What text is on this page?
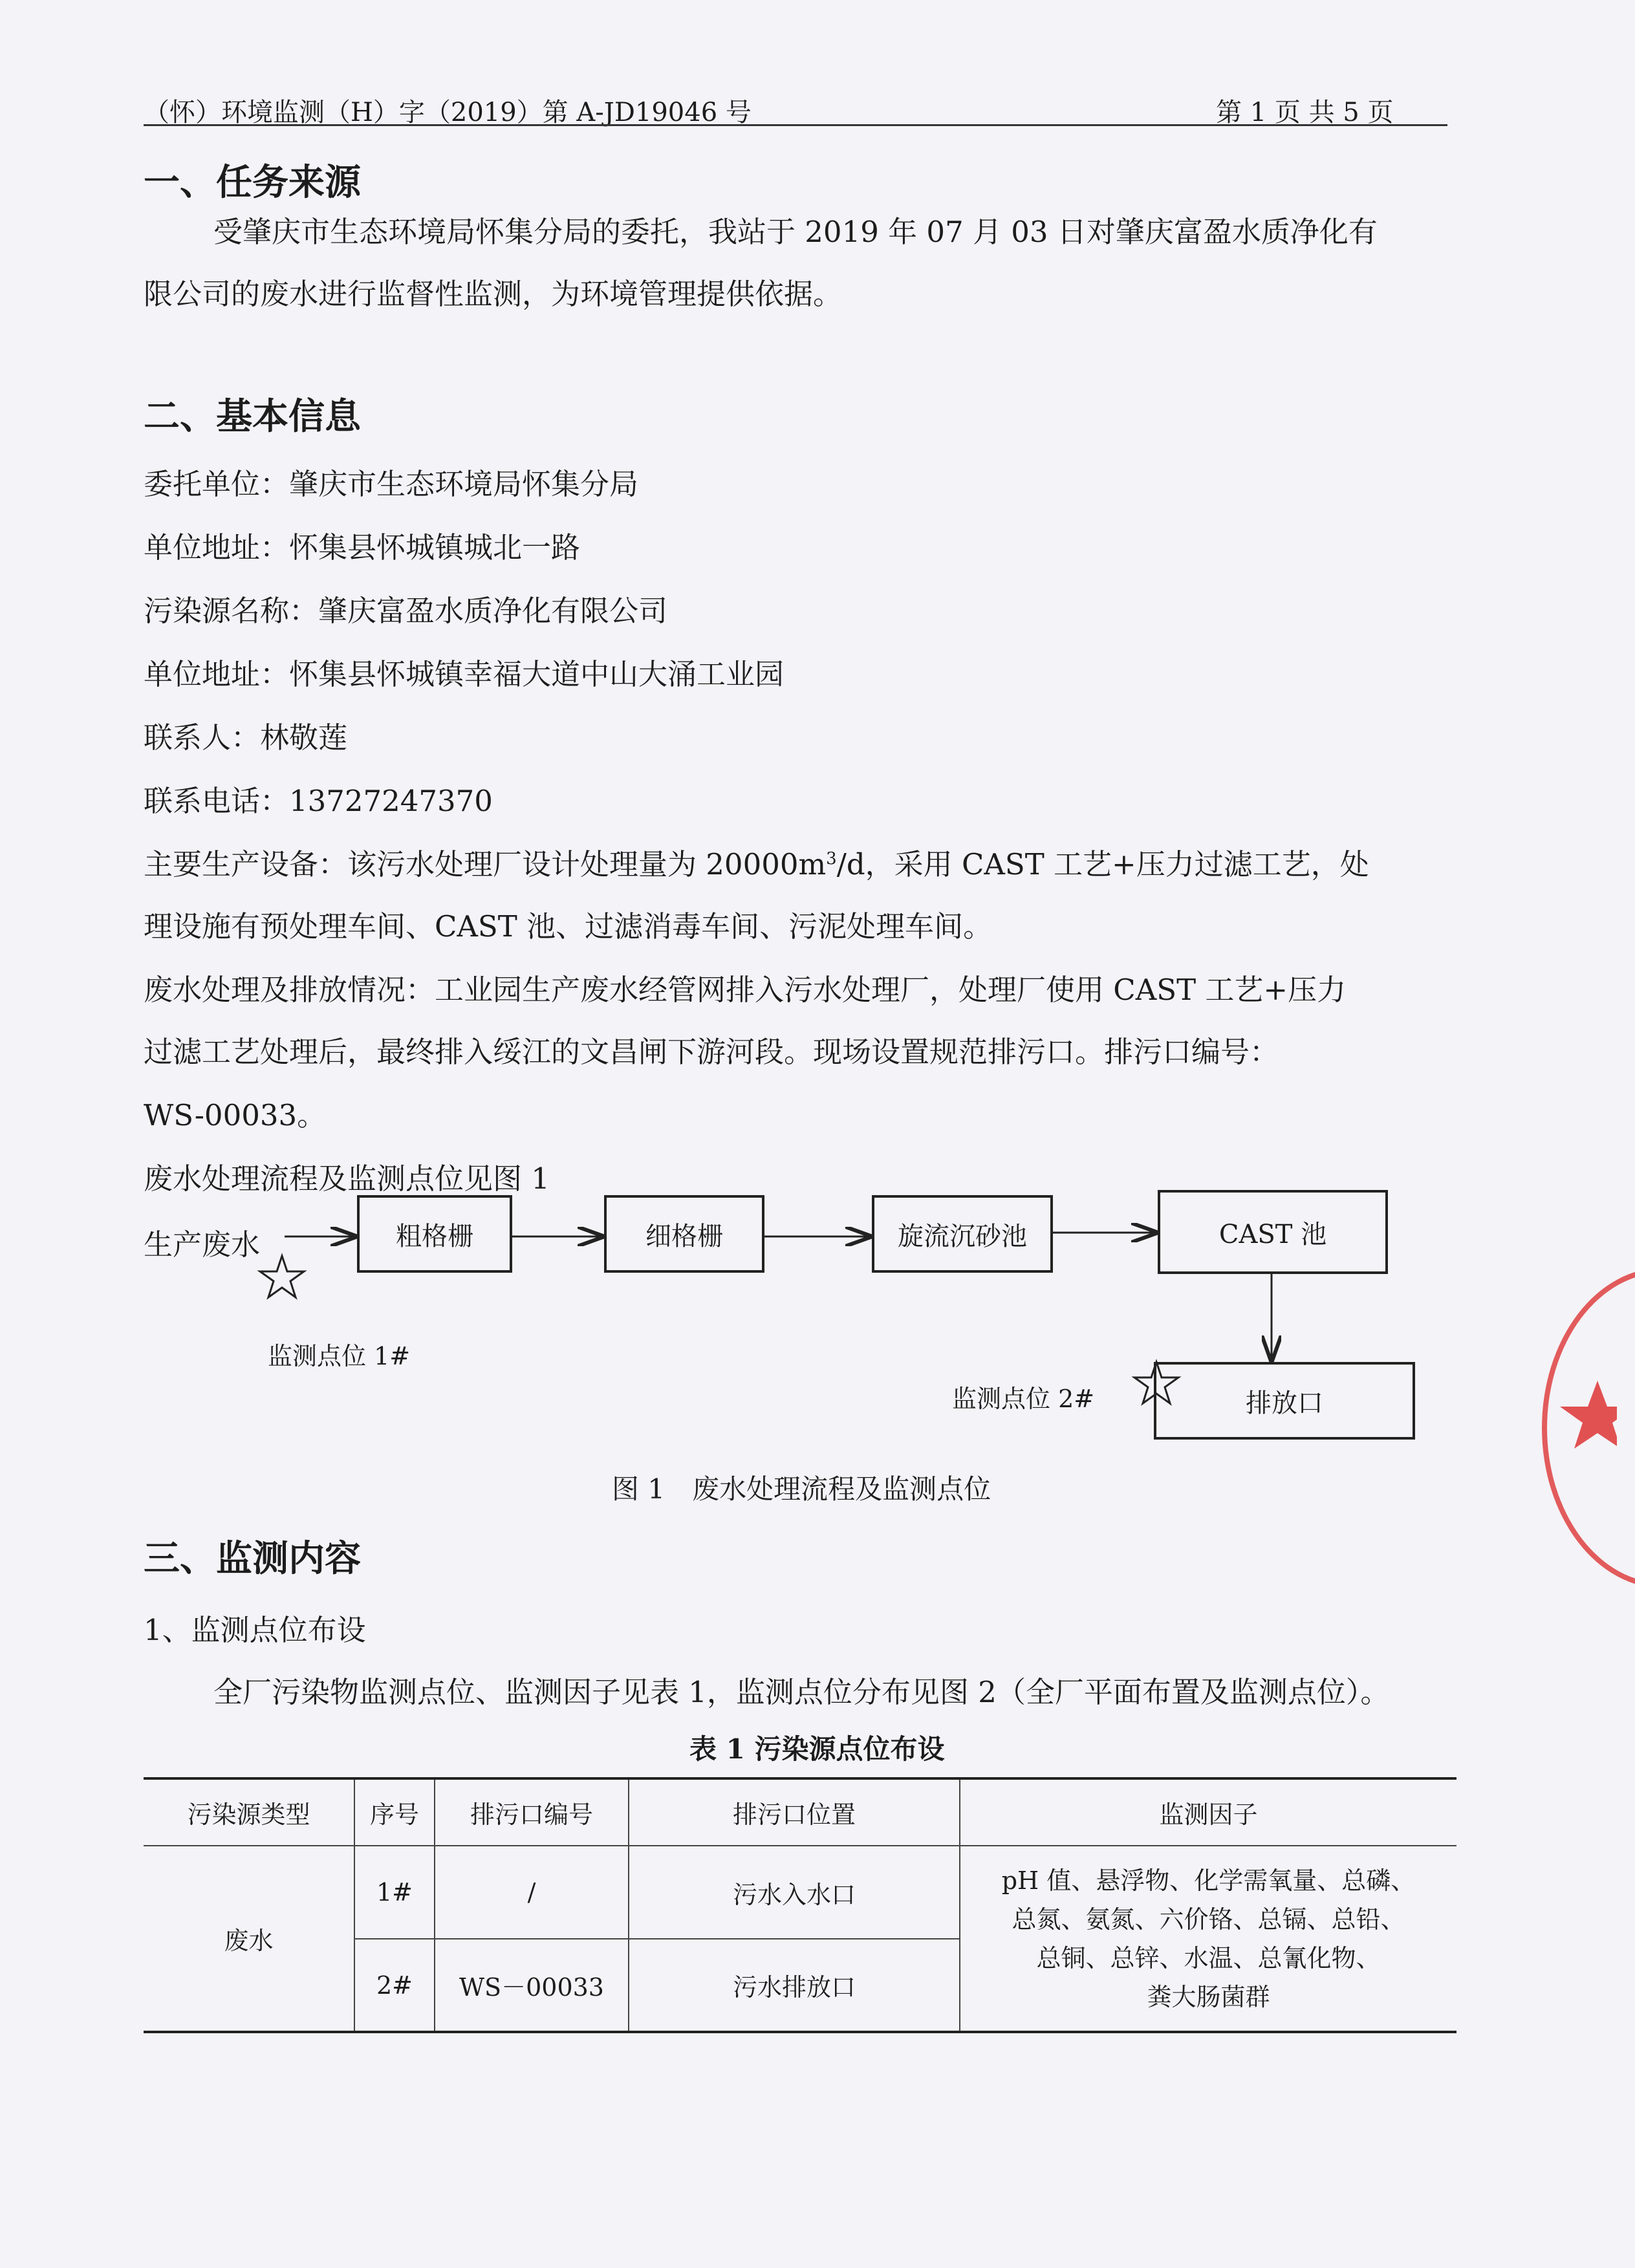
（怀）环境监测（H）字（2019）第 A-JD19046 号	第 1 页 共 5 页
一、任务来源
受肇庆市生态环境局怀集分局的委托，我站于 2019 年 07 月 03 日对肇庆富盈水质净化有
限公司的废水进行监督性监测，为环境管理提供依据。
二、基本信息
委托单位：肇庆市生态环境局怀集分局
单位地址：怀集县怀城镇城北一路
污染源名称：肇庆富盈水质净化有限公司
单位地址：怀集县怀城镇幸福大道中山大涌工业园
联系人：林敬莲
联系电话：13727247370
主要生产设备：该污水处理厂设计处理量为 $20000m^3/d$，采用 CAST 工艺+压力过滤工艺，处
理设施有预处理车间、CAST 池、过滤消毒车间、污泥处理车间。
废水处理及排放情况：工业园生产废水经管网排入污水处理厂，处理厂使用 CAST 工艺+压力
过滤工艺处理后，最终排入绥江的文昌闸下游河段。现场设置规范排污口。排污口编号：
WS-00033。
废水处理流程及监测点位见图 1
生产废水	粗格栅	细格栅	旋流沉砂池	CAST 池
排放口
监测点位 1#
监测点位 2#
图 1　废水处理流程及监测点位
三、监测内容
1、监测点位布设
全厂污染物监测点位、监测因子见表 1，监测点位分布见图 2（全厂平面布置及监测点位）。
表 1 污染源点位布设
污染源类型	序号	排污口编号	排污口位置	监测因子
废水	1#	/	污水入水口	pH 值、悬浮物、化学需氧量、总磷、
总氮、氨氮、六价铬、总镉、总铅、
总铜、总锌、水温、总氰化物、
粪大肠菌群

	2#	WS－00033	污水排放口	
